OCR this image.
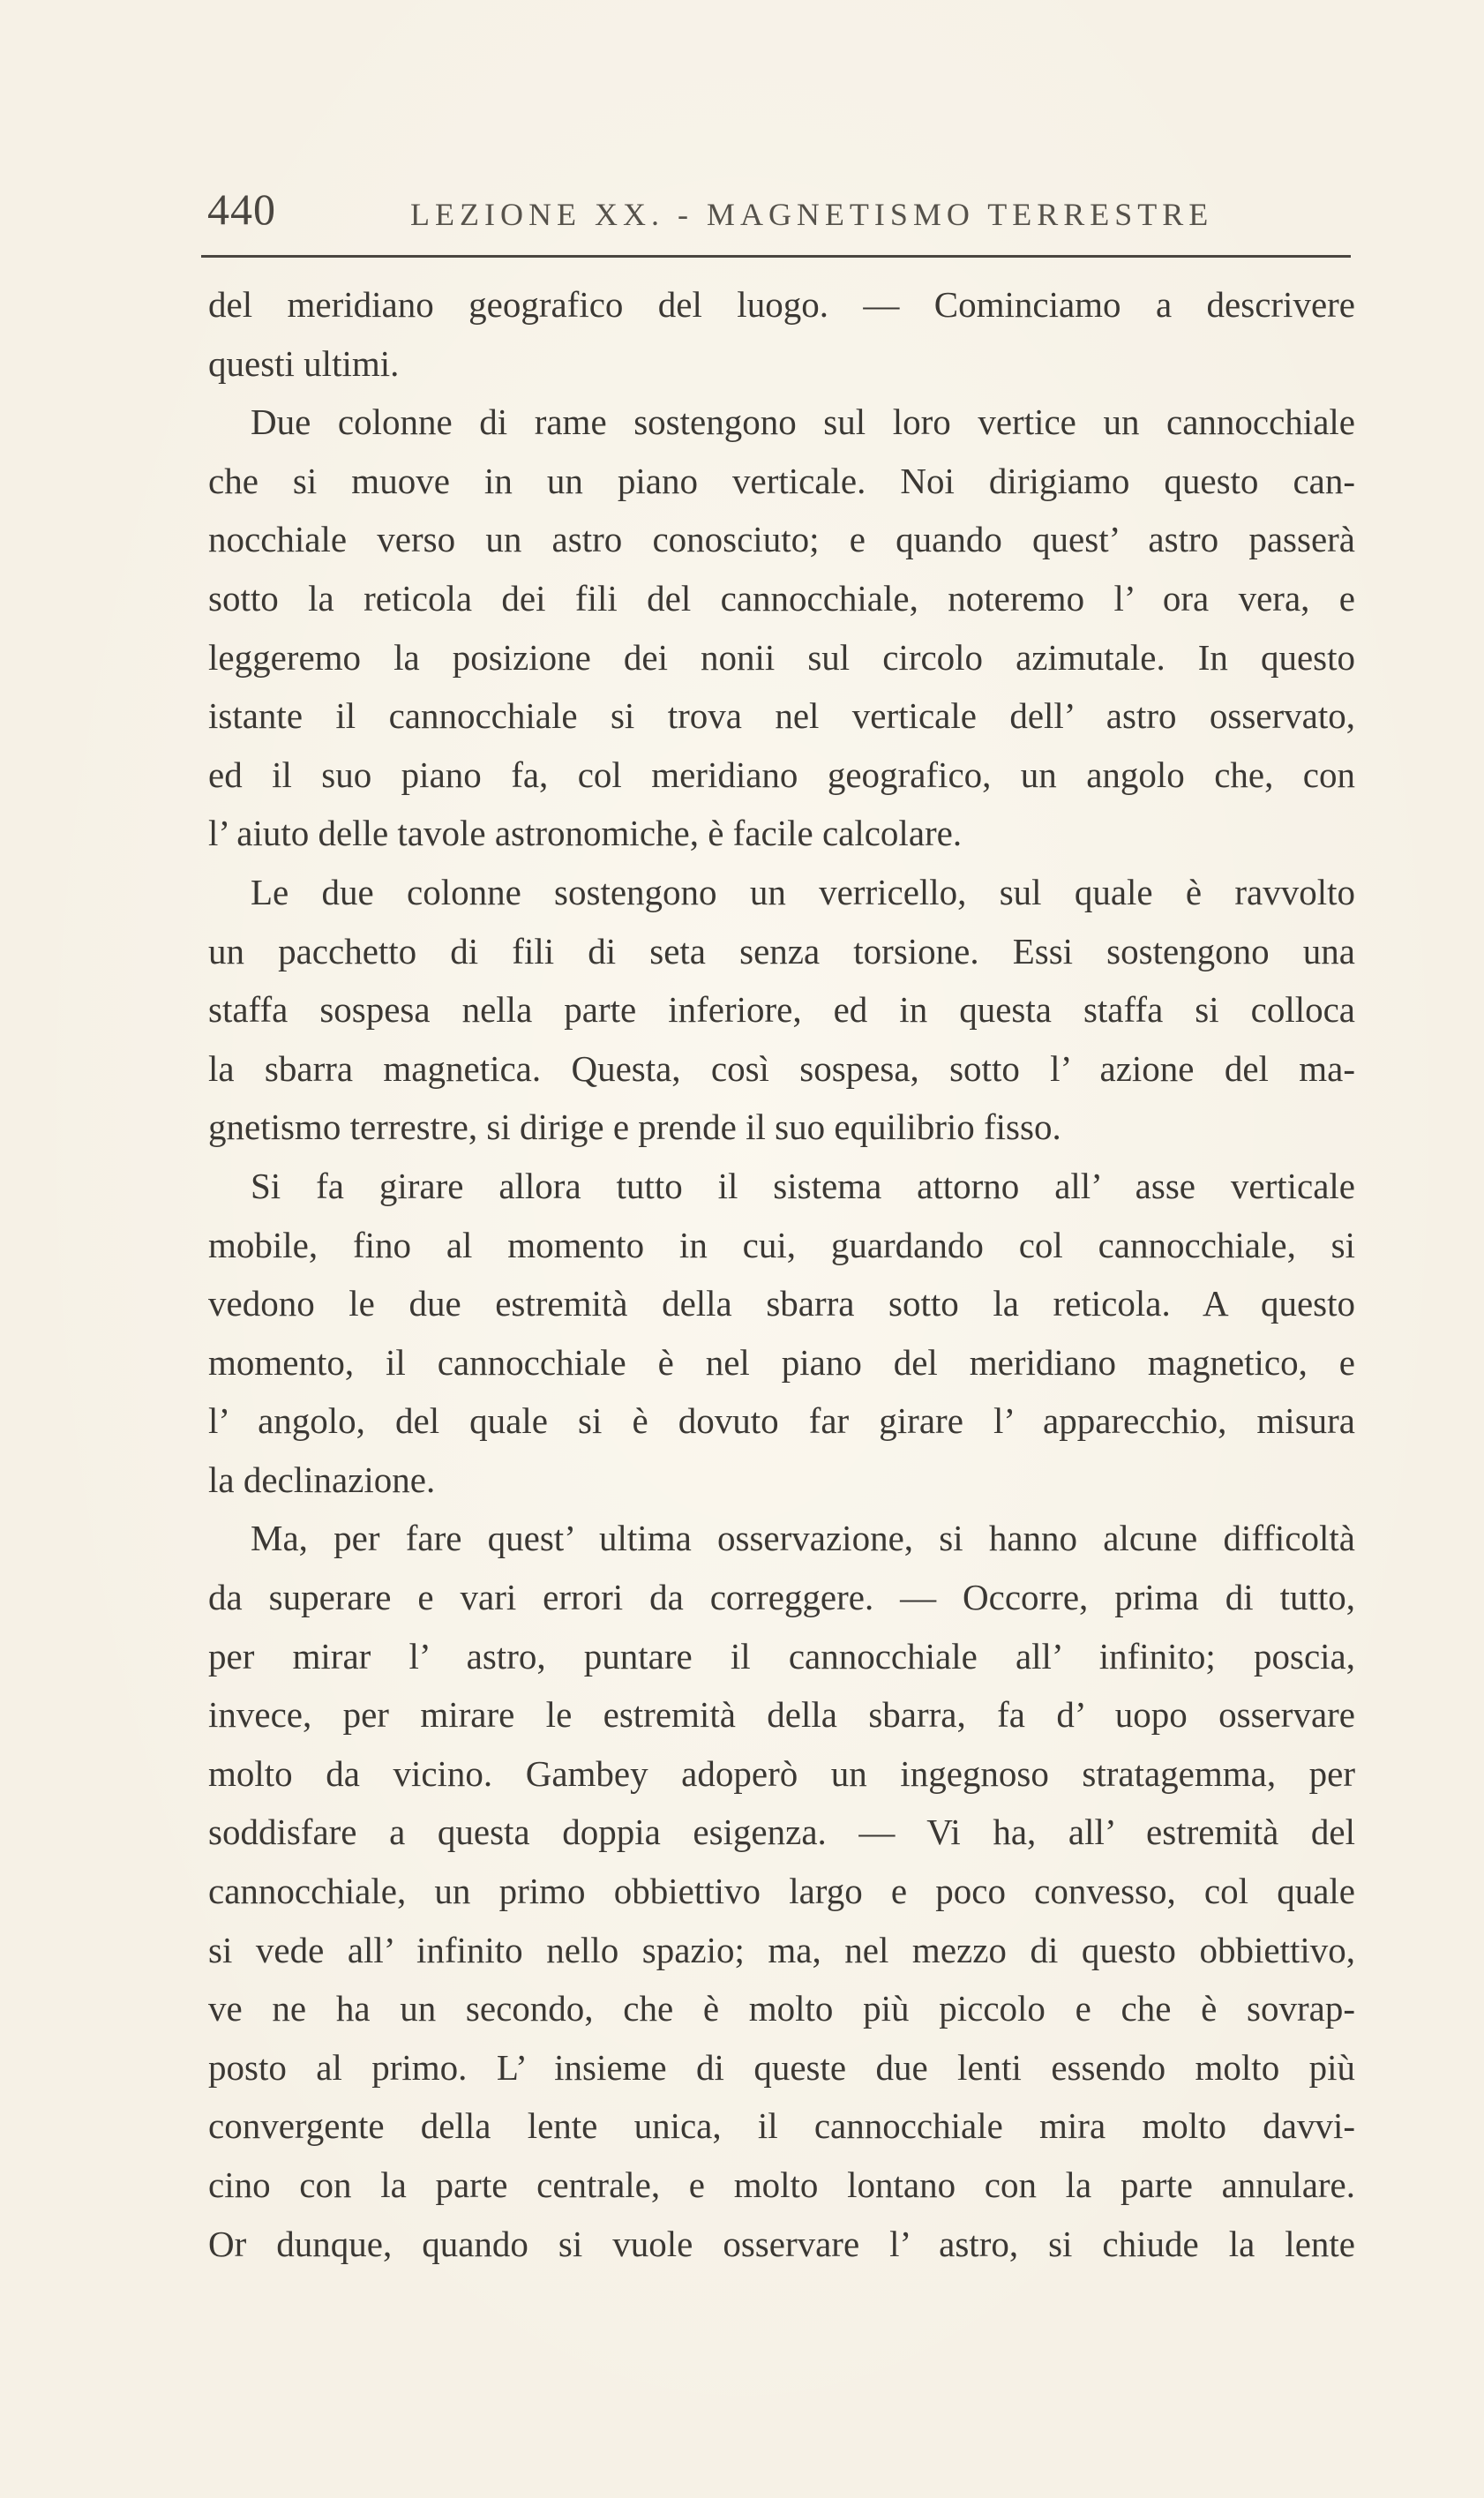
440	LEZIONE XX. - MAGNETISMO TERRESTRE
del meridiano geografico del luogo. — Cominciamo a descrivere
questi ultimi.
Due colonne di rame sostengono sul loro vertice un cannocchiale
che si muove in un piano verticale. Noi dirigiamo questo can-
nocchiale verso un astro conosciuto; e quando quest’ astro passerà
sotto la reticola dei fili del cannocchiale, noteremo l’ ora vera, e
leggeremo la posizione dei nonii sul circolo azimutale. In questo
istante il cannocchiale si trova nel verticale dell’ astro osservato,
ed il suo piano fa, col meridiano geografico, un angolo che, con
l’ aiuto delle tavole astronomiche, è facile calcolare.
Le due colonne sostengono un verricello, sul quale è ravvolto
un pacchetto di fili di seta senza torsione. Essi sostengono una
staffa sospesa nella parte inferiore, ed in questa staffa si colloca
la sbarra magnetica. Questa, così sospesa, sotto l’ azione del ma-
gnetismo terrestre, si dirige e prende il suo equilibrio fisso.
Si fa girare allora tutto il sistema attorno all’ asse verticale
mobile, fino al momento in cui, guardando col cannocchiale, si
vedono le due estremità della sbarra sotto la reticola. A questo
momento, il cannocchiale è nel piano del meridiano magnetico, e
l’ angolo, del quale si è dovuto far girare l’ apparecchio, misura
la declinazione.
Ma, per fare quest’ ultima osservazione, si hanno alcune difficoltà
da superare e vari errori da correggere. — Occorre, prima di tutto,
per mirar l’ astro, puntare il cannocchiale all’ infinito; poscia,
invece, per mirare le estremità della sbarra, fa d’ uopo osservare
molto da vicino. Gambey adoperò un ingegnoso stratagemma, per
soddisfare a questa doppia esigenza. — Vi ha, all’ estremità del
cannocchiale, un primo obbiettivo largo e poco convesso, col quale
si vede all’ infinito nello spazio; ma, nel mezzo di questo obbiettivo,
ve ne ha un secondo, che è molto più piccolo e che è sovrap-
posto al primo. L’ insieme di queste due lenti essendo molto più
convergente della lente unica, il cannocchiale mira molto davvi-
cino con la parte centrale, e molto lontano con la parte annulare.
Or dunque, quando si vuole osservare l’ astro, si chiude la lente
